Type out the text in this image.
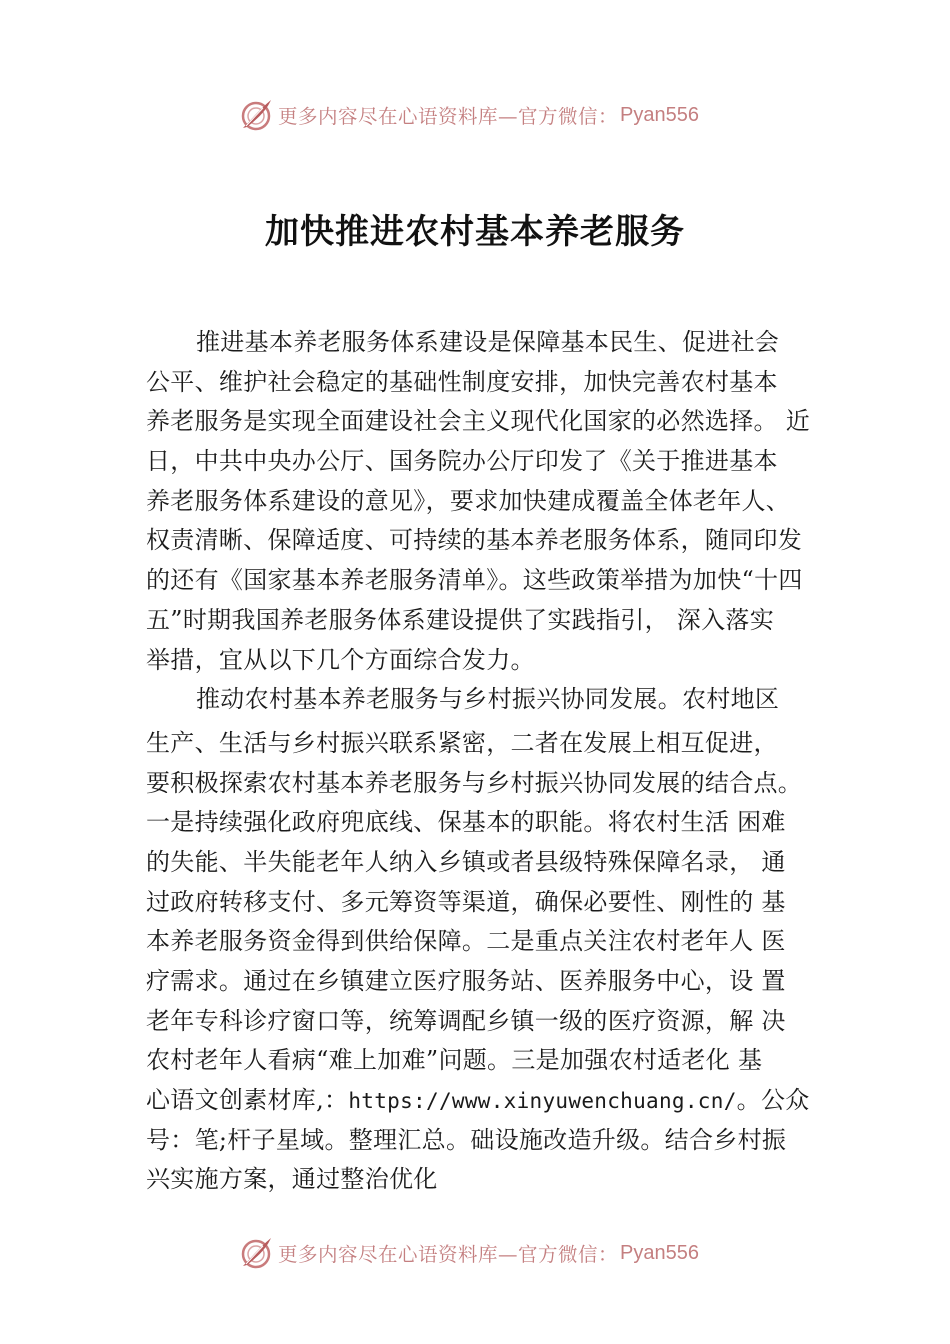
更多内容尽在心语资料库—官方微信： Pyan556
加快推进农村基本养老服务
推进基本养老服务体系建设是保障基本民生、促进社会
公平、维护社会稳定的基础性制度安排，加快完善农村基本
养老服务是实现全面建设社会主义现代化国家的必然选择。 近
日，中共中央办公厅、国务院办公厅印发了《关于推进基本
养老服务体系建设的意见》，要求加快建成覆盖全体老年人、
权责清晰、保障适度、可持续的基本养老服务体系，随同印发
的还有《国家基本养老服务清单》。这些政策举措为加快“十四
五”时期我国养老服务体系建设提供了实践指引， 深入落实
举措，宜从以下几个方面综合发力。
推动农村基本养老服务与乡村振兴协同发展。农村地区
生产、生活与乡村振兴联系紧密，二者在发展上相互促进，
要积极探索农村基本养老服务与乡村振兴协同发展的结合点。
一是持续强化政府兜底线、保基本的职能。将农村生活 困难
的失能、半失能老年人纳入乡镇或者县级特殊保障名录， 通
过政府转移支付、多元筹资等渠道，确保必要性、刚性的 基
本养老服务资金得到供给保障。二是重点关注农村老年人 医
疗需求。通过在乡镇建立医疗服务站、医养服务中心，设 置
老年专科诊疗窗口等，统筹调配乡镇一级的医疗资源，解 决
农村老年人看病“难上加难”问题。三是加强农村适老化 基
心语文创素材库,：https://www.xinyuwenchuang.cn/。公众
号：笔;杆子星域。整理汇总。础设施改造升级。结合乡村振
兴实施方案，通过整治优化
更多内容尽在心语资料库—官方微信： Pyan556
